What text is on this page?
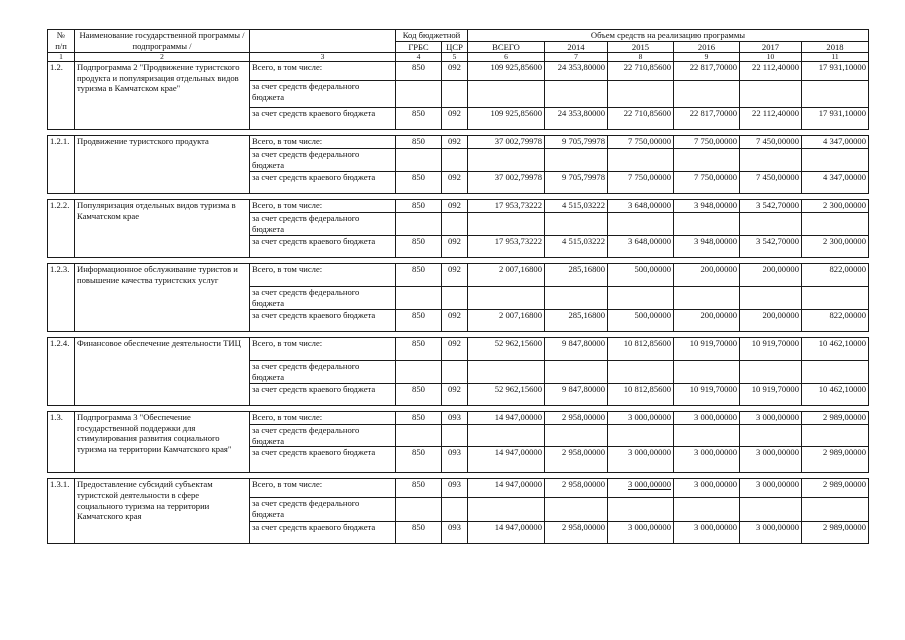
№
п/п	Наименование государственной программы / подпрограммы /		Код бюджетной		Объем средств на реализацию программы					
			ГРБС	ЦСР	ВСЕГО	2014	2015	2016	2017	2018
1	2	3	4	5	6	7	8	9	10	11
1.2.	Подпрограмма 2 "Продвижение туристского продукта и популяризация отдельных видов туризма в Камчатском крае"	Всего, в том числе:	850	092	109 925,85600	24 353,80000	22 710,85600	22 817,70000	22 112,40000	17 931,10000
		за счет средств федерального бюджета								
		за счет средств краевого бюджета	850	092	109 925,85600	24 353,80000	22 710,85600	22 817,70000	22 112,40000	17 931,10000

1.2.1.	Продвижение туристского продукта	Всего, в том числе:	850	092	37 002,79978	9 705,79978	7 750,00000	7 750,00000	7 450,00000	4 347,00000
		за счет средств федерального бюджета								
		за счет средств краевого бюджета	850	092	37 002,79978	9 705,79978	7 750,00000	7 750,00000	7 450,00000	4 347,00000

1.2.2.	Популяризация отдельных видов туризма в Камчатском крае	Всего, в том числе:	850	092	17 953,73222	4 515,03222	3 648,00000	3 948,00000	3 542,70000	2 300,00000
		за счет средств федерального бюджета								
		за счет средств краевого бюджета	850	092	17 953,73222	4 515,03222	3 648,00000	3 948,00000	3 542,70000	2 300,00000

1.2.3.	Информационное обслуживание туристов и повышение качества туристских услуг	Всего, в том числе:	850	092	2 007,16800	285,16800	500,00000	200,00000	200,00000	822,00000
		за счет средств федерального бюджета								
		за счет средств краевого бюджета	850	092	2 007,16800	285,16800	500,00000	200,00000	200,00000	822,00000

1.2.4.	Финансовое обеспечение деятельности ТИЦ	Всего, в том числе:	850	092	52 962,15600	9 847,80000	10 812,85600	10 919,70000	10 919,70000	10 462,10000
		за счет средств федерального бюджета								
		за счет средств краевого бюджета	850	092	52 962,15600	9 847,80000	10 812,85600	10 919,70000	10 919,70000	10 462,10000

1.3.	Подпрограмма 3 "Обеспечение государственной поддержки для стимулирования развития социального туризма на территории Камчатского края"	Всего, в том числе:	850	093	14 947,00000	2 958,00000	3 000,00000	3 000,00000	3 000,00000	2 989,00000
		за счет средств федерального бюджета								
		за счет средств краевого бюджета	850	093	14 947,00000	2 958,00000	3 000,00000	3 000,00000	3 000,00000	2 989,00000

1.3.1.	Предоставление субсидий субъектам туристской деятельности в сфере социального туризма на территории Камчатского края	Всего, в том числе:	850	093	14 947,00000	2 958,00000	3 000,00000	3 000,00000	3 000,00000	2 989,00000
		за счет средств федерального бюджета								
		за счет средств краевого бюджета	850	093	14 947,00000	2 958,00000	3 000,00000	3 000,00000	3 000,00000	2 989,00000
